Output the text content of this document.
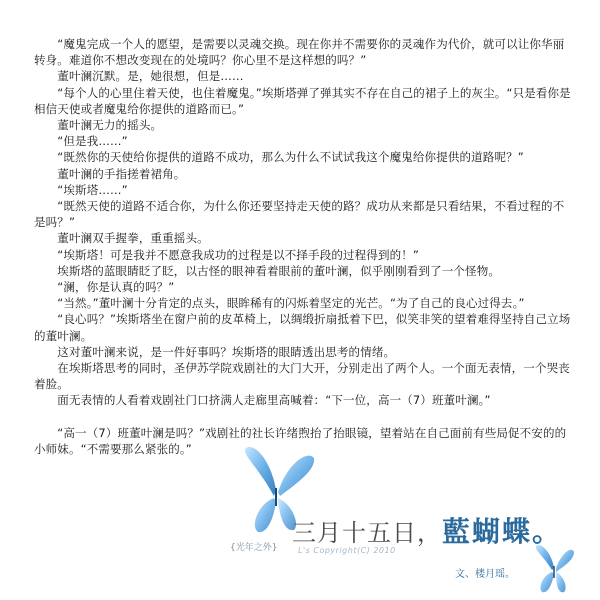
　　“魔鬼完成一个人的愿望，是需要以灵魂交换。现在你并不需要你的灵魂作为代价，就可以让你华丽转身。难道你不想改变现在的处境吗？你心里不是这样想的吗？”

　　董叶澜沉默。是，她很想，但是……

　　“每个人的心里住着天使，也住着魔鬼。”埃斯塔弹了弹其实不存在自己的裙子上的灰尘。“只是看你是相信天使或者魔鬼给你提供的道路而已。”

　　董叶澜无力的摇头。

　　“但是我……”

　　“既然你的天使给你提供的道路不成功，那么为什么不试试我这个魔鬼给你提供的道路呢？”

　　董叶澜的手指搓着裙角。

　　“埃斯塔……”

　　“既然天使的道路不适合你，为什么你还要坚持走天使的路？成功从来都是只看结果，不看过程的不是吗？”

　　董叶澜双手握拳，重重摇头。

　　“埃斯塔！可是我并不愿意我成功的过程是以不择手段的过程得到的！”

　　埃斯塔的蓝眼睛眨了眨，以古怪的眼神看着眼前的董叶澜，似乎刚刚看到了一个怪物。

　　“澜，你是认真的吗？”

　　“当然。”董叶澜十分肯定的点头，眼眸稀有的闪烁着坚定的光芒。“为了自己的良心过得去。”

　　“良心吗？”埃斯塔坐在窗户前的皮革椅上，以绸缎折扇抵着下巴，似笑非笑的望着难得坚持自己立场的董叶澜。

　　这对董叶澜来说，是一件好事吗？埃斯塔的眼睛透出思考的情绪。

　　在埃斯塔思考的同时，圣伊苏学院戏剧社的大门大开，分别走出了两个人。一个面无表情，一个哭丧着脸。

　　面无表情的人看着戏剧社门口挤满人走廊里高喊着：“下一位，高一（7）班董叶澜。”

　　“高一（7）班董叶澜是吗？”戏剧社的社长许绪煦抬了抬眼镜，望着站在自己面前有些局促不安的的小师妹。“不需要那么紧张的。”

三月十五日，藍蝴蝶。
{光年之外}	L's Copyright(C) 2010
文、楼月瑶。
